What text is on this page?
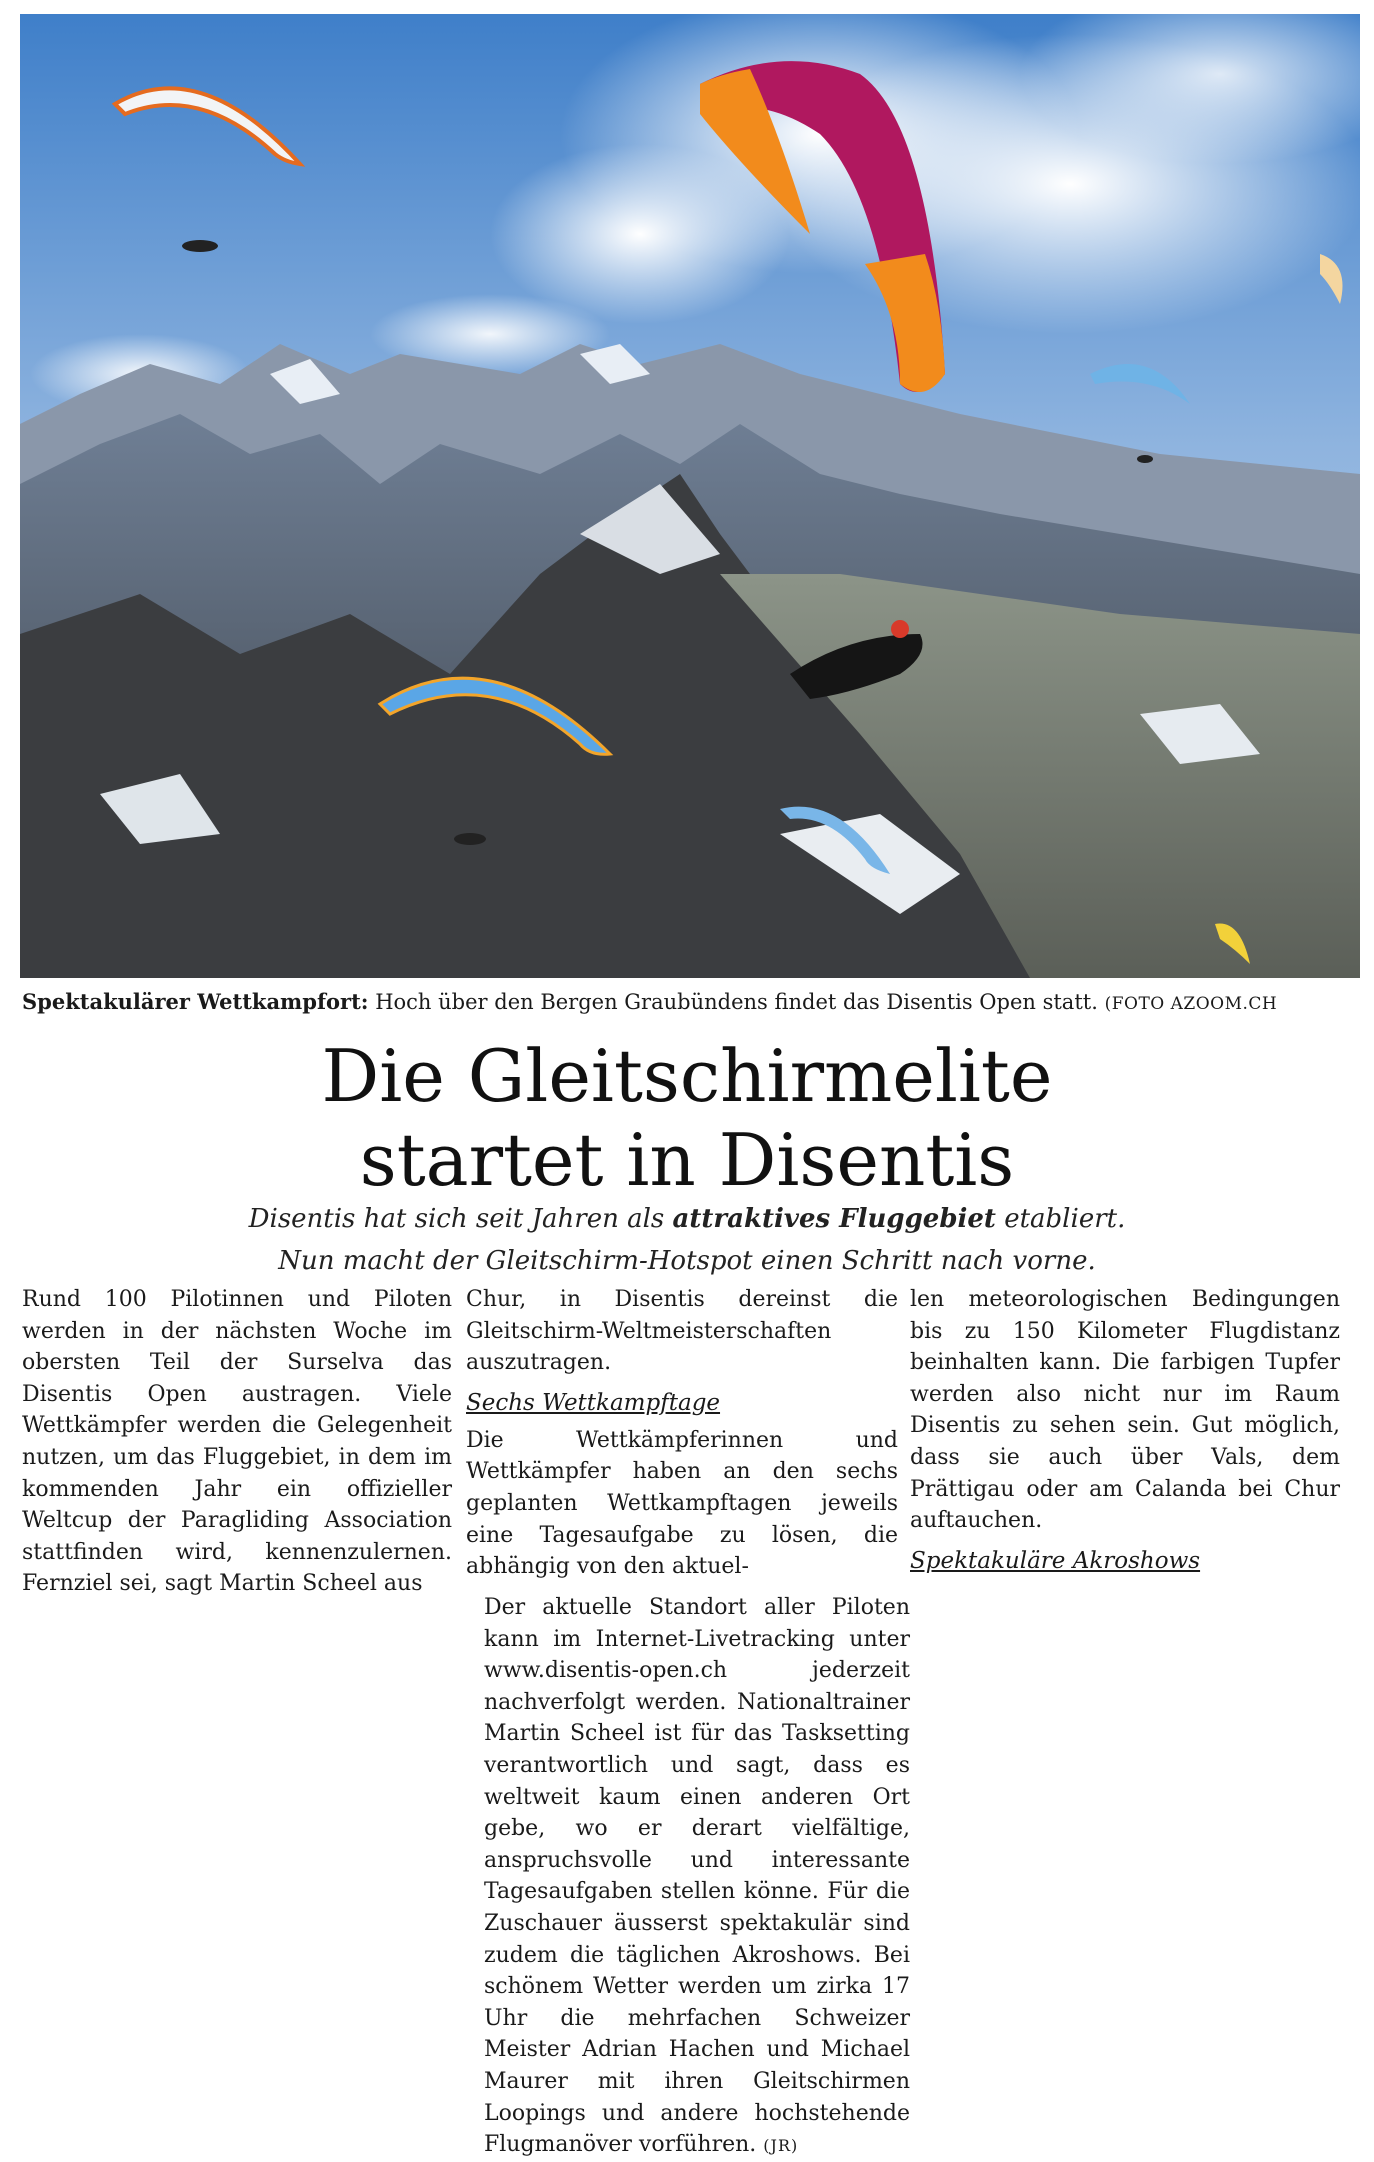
Spektakulärer Wettkampfort: Hoch über den Bergen Graubündens findet das Disentis Open statt. (FOTO AZOOM.CH
Die Gleitschirmelite
startet in Disentis
Disentis hat sich seit Jahren als attraktives Fluggebiet etabliert.
Nun macht der Gleitschirm-Hotspot einen Schritt nach vorne.

Rund 100 Pilotinnen und Piloten werden in der nächsten Woche im obersten Teil der Surselva das Disentis Open austragen. Viele Wettkämpfer werden die Gelegenheit nutzen, um das Fluggebiet, in dem im kommenden Jahr ein offizieller Weltcup der Paragliding Association stattfinden wird, kennenzulernen. Fernziel sei, sagt Martin Scheel aus

Chur, in Disentis dereinst die Gleitschirm-Weltmeisterschaften auszutragen.

Sechs Wettkampftage

Die Wettkämpferinnen und Wettkämpfer haben an den sechs geplanten Wettkampftagen jeweils eine Tagesaufgabe zu lösen, die abhängig von den aktuel-

len meteorologischen Bedingungen bis zu 150 Kilometer Flugdistanz beinhalten kann. Die farbigen Tupfer werden also nicht nur im Raum Disentis zu sehen sein. Gut möglich, dass sie auch über Vals, dem Prättigau oder am Calanda bei Chur auftauchen.

Spektakuläre Akroshows

Der aktuelle Standort aller Piloten kann im Internet-Livetracking unter www.disentis-open.ch jederzeit nachverfolgt werden. Nationaltrainer Martin Scheel ist für das Tasksetting verantwortlich und sagt, dass es weltweit kaum einen anderen Ort gebe, wo er derart vielfältige, anspruchsvolle und interessante Tagesaufgaben stellen könne. Für die Zuschauer äusserst spektakulär sind zudem die täglichen Akroshows. Bei schönem Wetter werden um zirka 17 Uhr die mehrfachen Schweizer Meister Adrian Hachen und Michael Maurer mit ihren Gleitschirmen Loopings und andere hochstehende Flugmanöver vorführen. (JR)
